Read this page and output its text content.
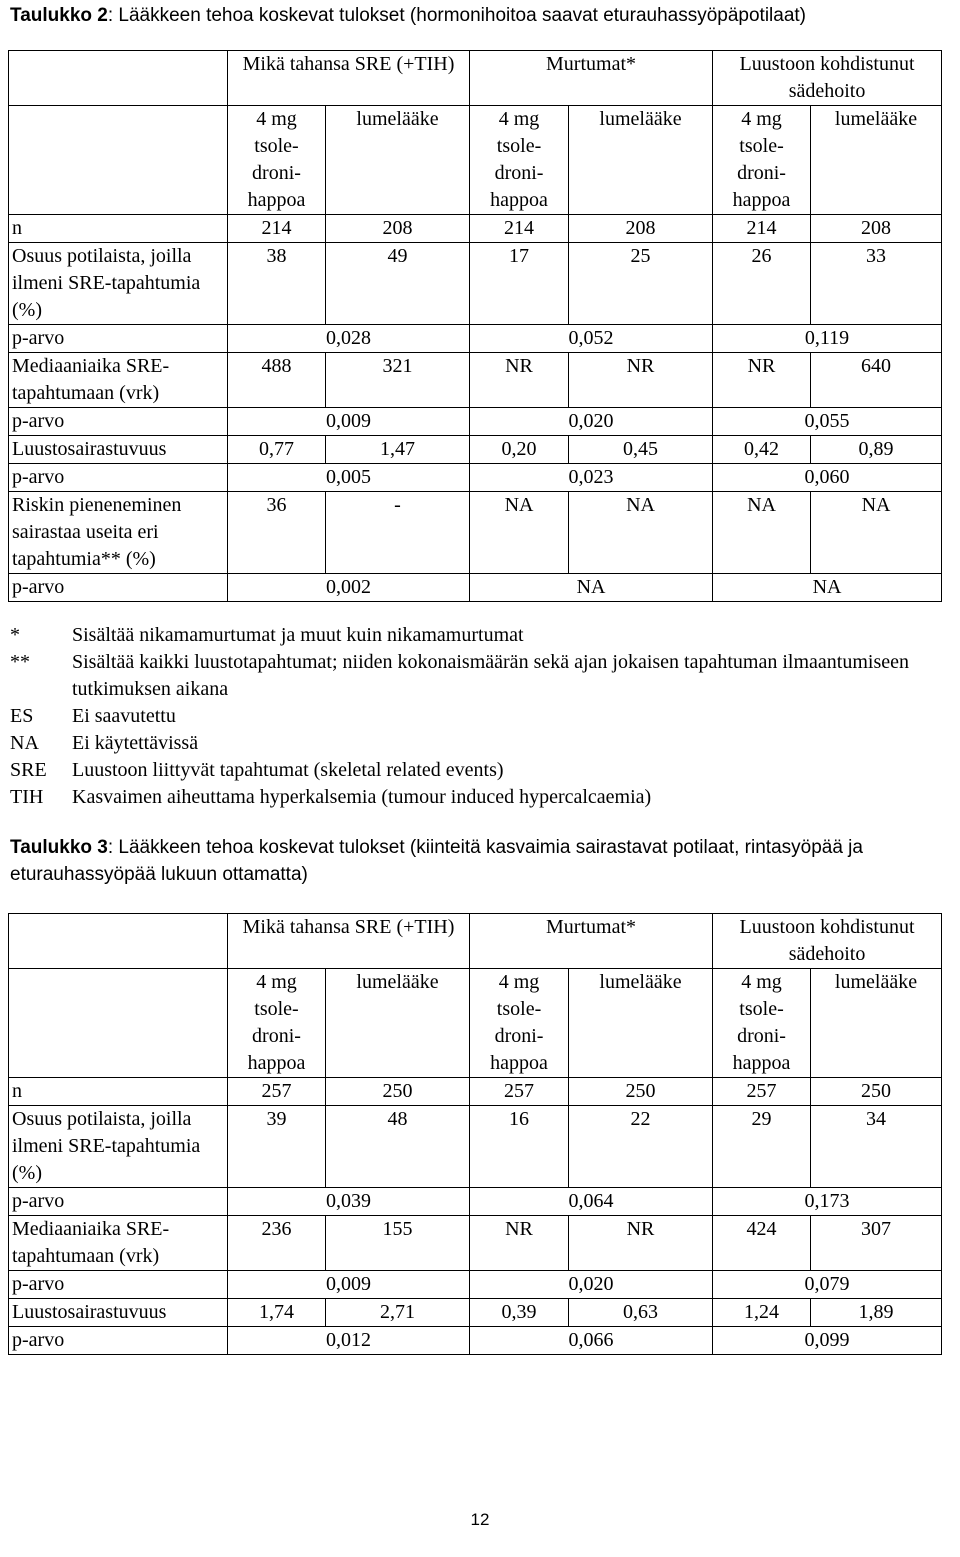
Taulukko 2: Lääkkeen tehoa koskevat tulokset (hormonihoitoa saavat eturauhassyöpäpotilaat)
	Mikä tahansa SRE (+TIH)		Murtumat*		Luustoon kohdistunut sädehoito	
	4 mg
tsole-
droni-
happoa	lumelääke	4 mg
tsole-
droni-
happoa	lumelääke	4 mg
tsole-
droni-
happoa	lumelääke
n	214	208	214	208	214	208
Osuus potilaista, joilla ilmeni SRE-tapahtumia (%)	38	49	17	25	26	33
p-arvo	0,028		0,052		0,119	
Mediaaniaika SRE-tapahtumaan (vrk)	488	321	NR	NR	NR	640
p-arvo	0,009		0,020		0,055	
Luustosairastuvuus	0,77	1,47	0,20	0,45	0,42	0,89
p-arvo	0,005		0,023		0,060	
Riskin pieneneminen sairastaa useita eri tapahtumia** (%)	36	-	NA	NA	NA	NA
p-arvo	0,002		NA		NA	
*	Sisältää nikamamurtumat ja muut kuin nikamamurtumat
**	Sisältää kaikki luustotapahtumat; niiden kokonaismäärän sekä ajan jokaisen tapahtuman ilmaantumiseen tutkimuksen aikana
ES	Ei saavutettu
NA	Ei käytettävissä
SRE	Luustoon liittyvät tapahtumat (skeletal related events)
TIH	Kasvaimen aiheuttama hyperkalsemia (tumour induced hypercalcaemia)
Taulukko 3: Lääkkeen tehoa koskevat tulokset (kiinteitä kasvaimia sairastavat potilaat, rintasyöpää ja eturauhassyöpää lukuun ottamatta)
	Mikä tahansa SRE (+TIH)		Murtumat*		Luustoon kohdistunut sädehoito	
	4 mg
tsole-
droni-
happoa	lumelääke	4 mg
tsole-
droni-
happoa	lumelääke	4 mg
tsole-
droni-
happoa	lumelääke
n	257	250	257	250	257	250
Osuus potilaista, joilla ilmeni SRE-tapahtumia (%)	39	48	16	22	29	34
p-arvo	0,039		0,064		0,173	
Mediaaniaika SRE-tapahtumaan (vrk)	236	155	NR	NR	424	307
p-arvo	0,009		0,020		0,079	
Luustosairastuvuus	1,74	2,71	0,39	0,63	1,24	1,89
p-arvo	0,012		0,066		0,099	
12
